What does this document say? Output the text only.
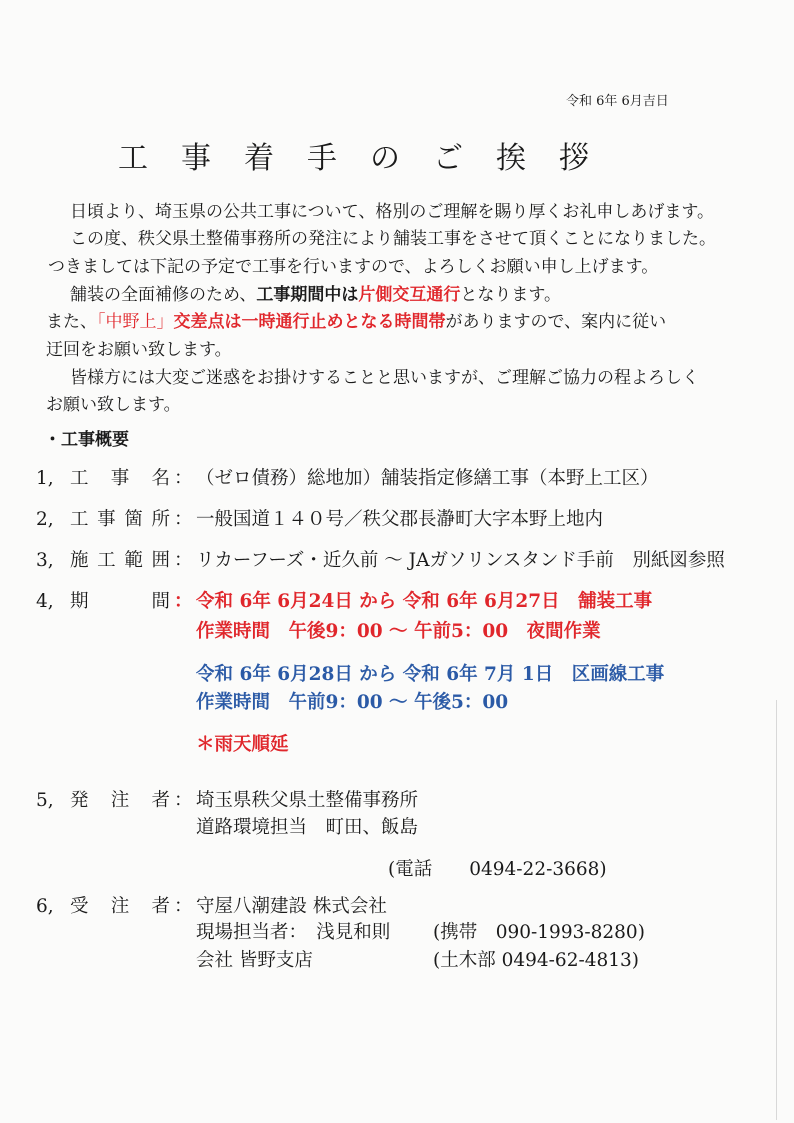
令和 6年 6月吉日
工事着手のご挨拶
日頃より、埼玉県の公共工事について、格別のご理解を賜り厚くお礼申しあげます。
この度、秩父県土整備事務所の発注により舗装工事をさせて頂くことになりました。
つきましては下記の予定で工事を行いますので、よろしくお願い申し上げます。
舗装の全面補修のため、工事期間中は片側交互通行となります。
また、「中野上」交差点は一時通行止めとなる時間帯がありますので、案内に従い
迂回をお願い致します。
皆様方には大変ご迷惑をお掛けすることと思いますが、ご理解ご協力の程よろしく
お願い致します。
・工事概要
1, 工事名 ： （ゼロ債務）総地加）舗装指定修繕工事（本野上工区）
2, 工事箇所 ： 一般国道１４０号／秩父郡長瀞町大字本野上地内
3, 施工範囲 ： リカーフーズ・近久前 ～ JAガソリンスタンド手前　別紙図参照
4, 期間 ： 令和 6年 6月24日 から 令和 6年 6月27日　舗装工事
作業時間　午後9：00 ～ 午前5：00　夜間作業
令和 6年 6月28日 から 令和 6年 7月 1日　区画線工事
作業時間　午前9：00 ～ 午後5：00
＊雨天順延
5, 発注者 ： 埼玉県秩父県土整備事務所
道路環境担当　町田、飯島
(電話　　0494-22-3668)
6, 受注者 ： 守屋八潮建設 株式会社
現場担当者：　浅見和則 (携帯　090-1993-8280)
会社 皆野支店	(土木部 0494-62-4813)
